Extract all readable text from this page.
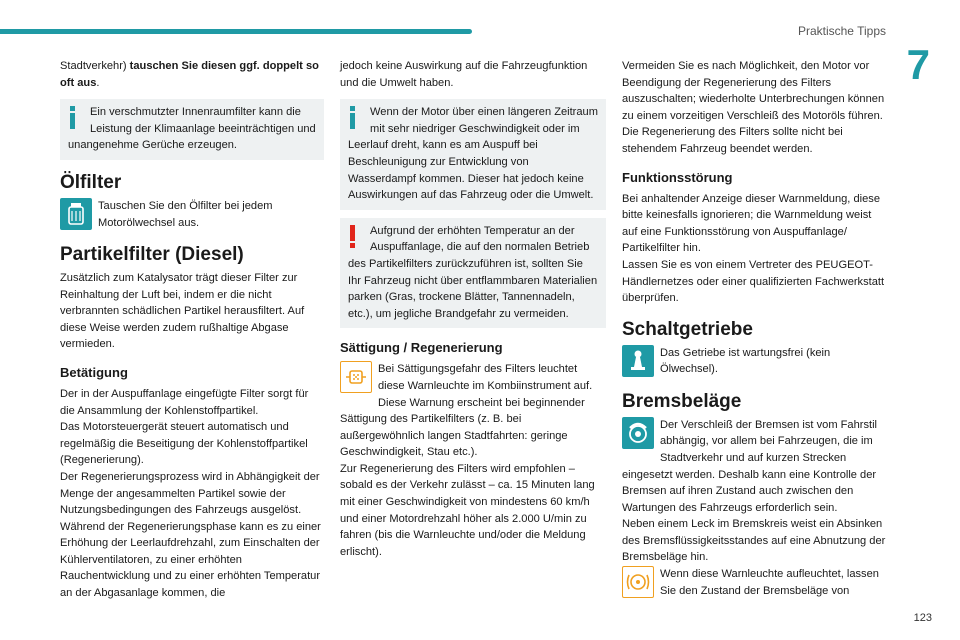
Praktische Tipps
7
123

Stadtverkehr) tauschen Sie diesen ggf. doppelt so oft aus.

Ein verschmutzter Innenraumfilter kann die Leistung der Klimaanlage beeinträchtigen und unangenehme Gerüche erzeugen.

Ölfilter

Tauschen Sie den Ölfilter bei jedem Motorölwechsel aus.

Partikelfilter (Diesel)

Zusätzlich zum Katalysator trägt dieser Filter zur Reinhaltung der Luft bei, indem er die nicht verbrannten schädlichen Partikel herausfiltert. Auf diese Weise werden zudem rußhaltige Abgase vermieden.

Betätigung

Der in der Auspuffanlage eingefügte Filter sorgt für die Ansammlung der Kohlenstoffpartikel.

Das Motorsteuergerät steuert automatisch und regelmäßig die Beseitigung der Kohlenstoffpartikel (Regenerierung).

Der Regenerierungsprozess wird in Abhängigkeit der Menge der angesammelten Partikel sowie der Nutzungsbedingungen des Fahrzeugs ausgelöst. Während der Regenerierungsphase kann es zu einer Erhöhung der Leerlaufdrehzahl, zum Einschalten der Kühlerventilatoren, zu einer erhöhten Rauchentwicklung und zu einer erhöhten Temperatur an der Abgasanlage kommen, die

jedoch keine Auswirkung auf die Fahrzeugfunktion und die Umwelt haben.

Wenn der Motor über einen längeren Zeitraum mit sehr niedriger Geschwindigkeit oder im Leerlauf dreht, kann es am Auspuff bei Beschleunigung zur Entwicklung von Wasserdampf kommen. Dieser hat jedoch keine Auswirkungen auf das Fahrzeug oder die Umwelt.

Aufgrund der erhöhten Temperatur an der Auspuffanlage, die auf den normalen Betrieb des Partikelfilters zurückzuführen ist, sollten Sie Ihr Fahrzeug nicht über entflammbaren Materialien parken (Gras, trockene Blätter, Tannennadeln, etc.), um jegliche Brandgefahr zu vermeiden.

Sättigung / Regenerierung

Bei Sättigungsgefahr des Filters leuchtet diese Warnleuchte im Kombiinstrument auf. Diese Warnung erscheint bei beginnender Sättigung des Partikelfilters (z. B. bei außergewöhnlich langen Stadtfahrten: geringe Geschwindigkeit, Stau etc.).

Zur Regenerierung des Filters wird empfohlen – sobald es der Verkehr zulässt – ca. 15 Minuten lang mit einer Geschwindigkeit von mindestens 60 km/h und einer Motordrehzahl höher als 2.000 U/min zu fahren (bis die Warnleuchte und/oder die Meldung erlischt).

Vermeiden Sie es nach Möglichkeit, den Motor vor Beendigung der Regenerierung des Filters auszuschalten; wiederholte Unterbrechungen können zu einem vorzeitigen Verschleiß des Motoröls führen. Die Regenerierung des Filters sollte nicht bei stehendem Fahrzeug beendet werden.

Funktionsstörung

Bei anhaltender Anzeige dieser Warnmeldung, diese bitte keinesfalls ignorieren; die Warnmeldung weist auf eine Funktionsstörung von Auspuffanlage/ Partikelfilter hin.

Lassen Sie es von einem Vertreter des PEUGEOT-Händlernetzes oder einer qualifizierten Fachwerkstatt überprüfen.

Schaltgetriebe

Das Getriebe ist wartungsfrei (kein Ölwechsel).

Bremsbeläge

Der Verschleiß der Bremsen ist vom Fahrstil abhängig, vor allem bei Fahrzeugen, die im Stadtverkehr und auf kurzen Strecken eingesetzt werden. Deshalb kann eine Kontrolle der Bremsen auf ihren Zustand auch zwischen den Wartungen des Fahrzeugs erforderlich sein.

Neben einem Leck im Bremskreis weist ein Absinken des Bremsflüssigkeitsstandes auf eine Abnutzung der Bremsbeläge hin.

Wenn diese Warnleuchte aufleuchtet, lassen Sie den Zustand der Bremsbeläge von
